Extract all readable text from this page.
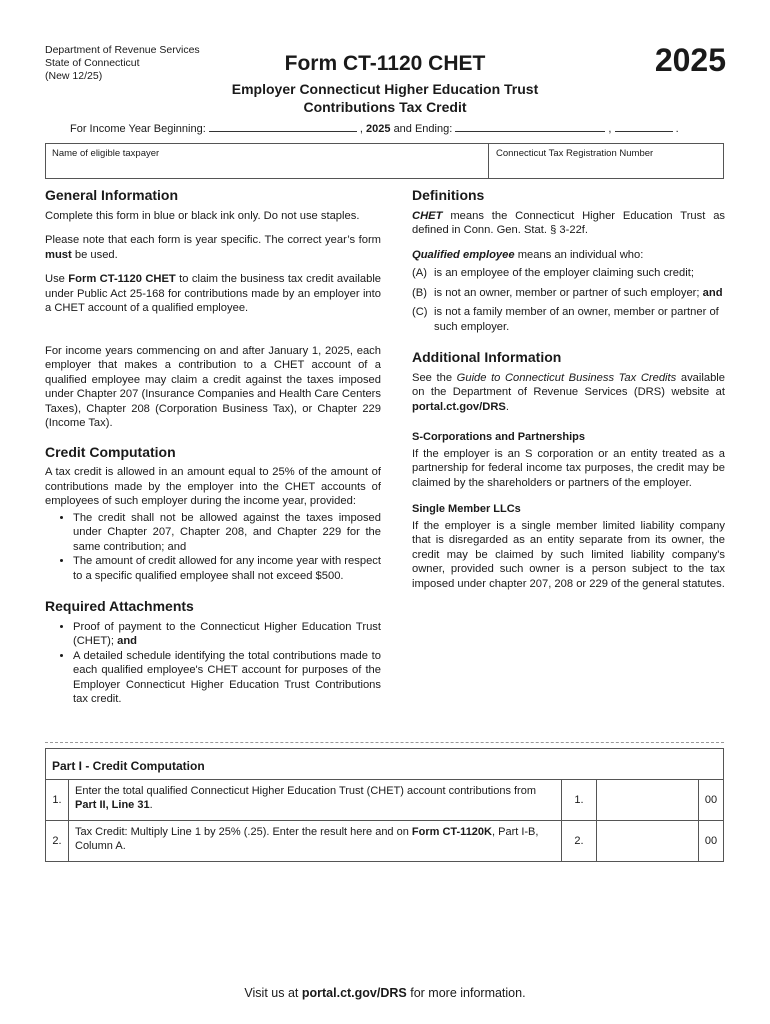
Department of Revenue Services
State of Connecticut
(New 12/25)
Form CT-1120 CHET	2025
Employer Connecticut Higher Education Trust
Contributions Tax Credit
For Income Year Beginning:	, 2025 and Ending:	,	.
Name of eligible taxpayer	Connecticut Tax Registration Number
General Information

Complete this form in blue or black ink only. Do not use staples.

Please note that each form is year specific. The correct year’s form must be used.

Use Form CT-1120 CHET to claim the business tax credit available under Public Act 25-168 for contributions made by an employer into a CHET account of a qualified employee.

For income years commencing on and after January 1, 2025, each employer that makes a contribution to a CHET account of a qualified employee may claim a credit against the taxes imposed under Chapter 207 (Insurance Companies and Health Care Centers Taxes), Chapter 208 (Corporation Business Tax), or Chapter 229 (Income Tax).

Credit Computation

A tax credit is allowed in an amount equal to 25% of the amount of contributions made by the employer into the CHET accounts of employees of such employer during the income year, provided:

• The credit shall not be allowed against the taxes imposed under Chapter 207, Chapter 208, and Chapter 229 for the same contribution; and
• The amount of credit allowed for any income year with respect to a specific qualified employee shall not exceed $500.
Required Attachments
• Proof of payment to the Connecticut Higher Education Trust (CHET); and
• A detailed schedule identifying the total contributions made to each qualified employee's CHET account for purposes of the Employer Connecticut Higher Education Trust Contributions tax credit.
Definitions

CHET means the Connecticut Higher Education Trust as defined in Conn. Gen. Stat. § 3-22f.

Qualified employee means an individual who:

(A) is an employee of the employer claiming such credit;
(B) is not an owner, member or partner of such employer; and
(C) is not a family member of an owner, member or partner of such employer.
Additional Information

See the Guide to Connecticut Business Tax Credits available on the Department of Revenue Services (DRS) website at portal.ct.gov/DRS.

S-Corporations and Partnerships

If the employer is an S corporation or an entity treated as a partnership for federal income tax purposes, the credit may be claimed by the shareholders or partners of the employer.

Single Member LLCs

If the employer is a single member limited liability company that is disregarded as an entity separate from its owner, the credit may be claimed by such limited liability company's owner, provided such owner is a person subject to the tax imposed under chapter 207, 208 or 229 of the general statutes.

Part I - Credit Computation
1.
Enter the total qualified Connecticut Higher Education Trust (CHET) account contributions from Part II, Line 31.	1.	00
2.
Tax Credit: Multiply Line 1 by 25% (.25). Enter the result here and on Form CT-1120K, Part I-B, Column A.	2.	00
Visit us at portal.ct.gov/DRS for more information.
